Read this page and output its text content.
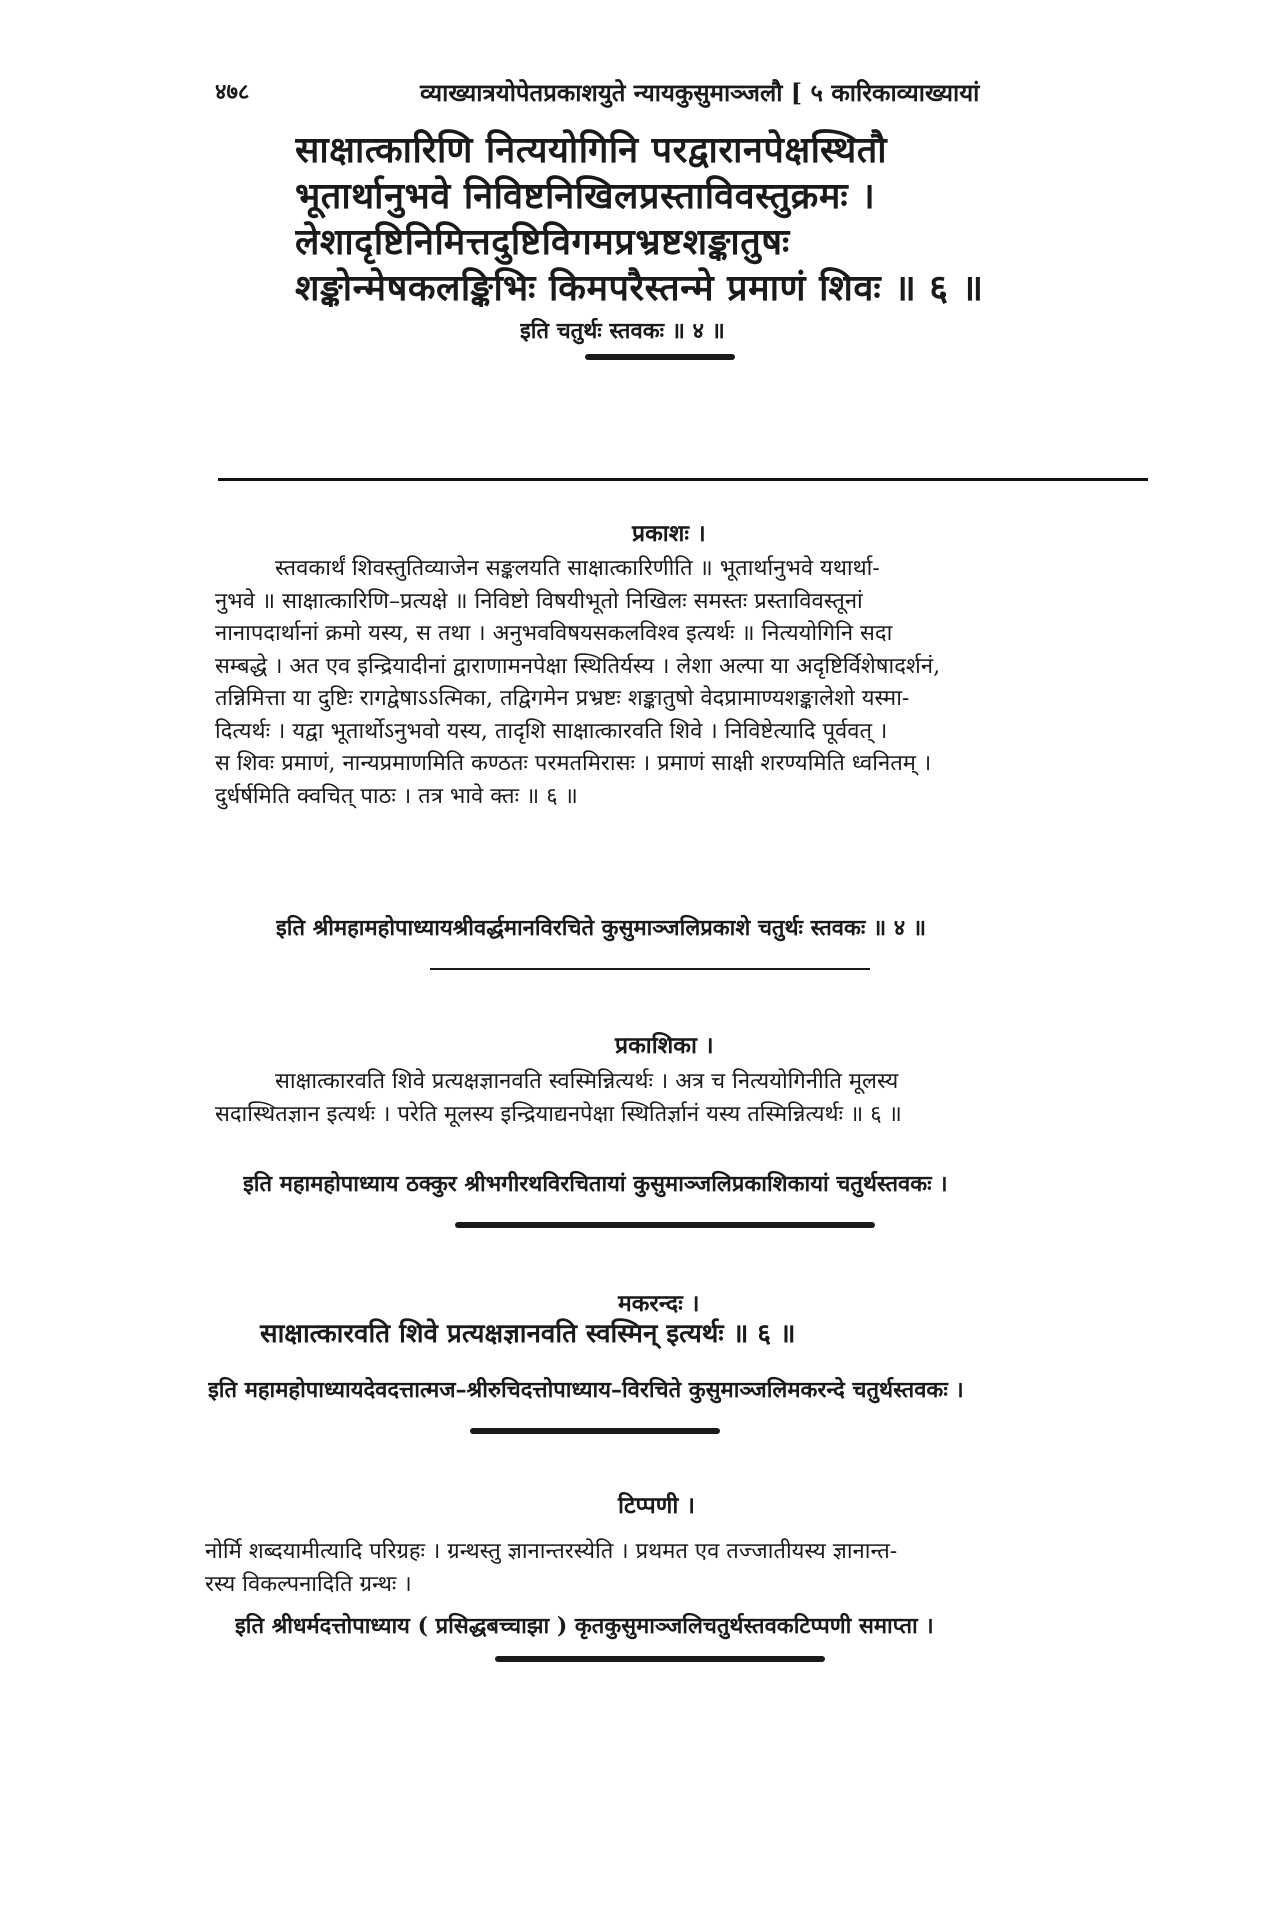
४७८	व्याख्यात्रयोपेतप्रकाशयुते न्यायकुसुमाञ्जलौ [ ५ कारिकाव्याख्यायां
साक्षात्कारिणि नित्ययोगिनि परद्वारानपेक्षस्थितौ
भूतार्थानुभवे निविष्टनिखिलप्रस्ताविवस्तुक्रमः ।
लेशादृष्टिनिमित्तदुष्टिविगमप्रभ्रष्टशङ्कातुषः
शङ्कोन्मेषकलङ्किभिः किमपरैस्तन्मे प्रमाणं शिवः ॥ ६ ॥
इति चतुर्थः स्तवकः ॥ ४ ॥
प्रकाशः ।
स्तवकार्थं शिवस्तुतिव्याजेन सङ्कलयति साक्षात्कारिणीति ॥ भूतार्थानुभवे यथार्था-
नुभवे ॥ साक्षात्कारिणि–प्रत्यक्षे ॥ निविष्टो विषयीभूतो निखिलः समस्तः प्रस्ताविवस्तूनां
नानापदार्थानां क्रमो यस्य, स तथा । अनुभवविषयसकलविश्व इत्यर्थः ॥ नित्ययोगिनि सदा
सम्बद्धे । अत एव इन्द्रियादीनां द्वाराणामनपेक्षा स्थितिर्यस्य । लेशा अल्पा या अदृष्टिर्विशेषादर्शनं,
तन्निमित्ता या दुष्टिः रागद्वेषाऽऽत्मिका, तद्विगमेन प्रभ्रष्टः शङ्कातुषो वेदप्रामाण्यशङ्कालेशो यस्मा-
दित्यर्थः । यद्वा भूतार्थोऽनुभवो यस्य, तादृशि साक्षात्कारवति शिवे । निविष्टेत्यादि पूर्ववत् ।
स शिवः प्रमाणं, नान्यप्रमाणमिति कण्ठतः परमतमिरासः । प्रमाणं साक्षी शरण्यमिति ध्वनितम् ।
दुर्धर्षमिति क्वचित् पाठः । तत्र भावे क्तः ॥ ६ ॥
इति श्रीमहामहोपाध्यायश्रीवर्द्धमानविरचिते कुसुमाञ्जलिप्रकाशे चतुर्थः स्तवकः ॥ ४ ॥
प्रकाशिका ।
साक्षात्कारवति शिवे प्रत्यक्षज्ञानवति स्वस्मिन्नित्यर्थः । अत्र च नित्ययोगिनीति मूलस्य
सदास्थितज्ञान इत्यर्थः । परेति मूलस्य इन्द्रियाद्यनपेक्षा स्थितिर्ज्ञानं यस्य तस्मिन्नित्यर्थः ॥ ६ ॥
इति महामहोपाध्याय ठक्कुर श्रीभगीरथविरचितायां कुसुमाञ्जलिप्रकाशिकायां चतुर्थस्तवकः ।
मकरन्दः ।
साक्षात्कारवति शिवे प्रत्यक्षज्ञानवति स्वस्मिन् इत्यर्थः ॥ ६ ॥
इति महामहोपाध्यायदेवदत्तात्मज–श्रीरुचिदत्तोपाध्याय–विरचिते कुसुमाञ्जलिमकरन्दे चतुर्थस्तवकः ।
टिप्पणी ।
नोर्मि शब्दयामीत्यादि परिग्रहः । ग्रन्थस्तु ज्ञानान्तरस्येति । प्रथमत एव तज्जातीयस्य ज्ञानान्त-
रस्य विकल्पनादिति ग्रन्थः ।
इति श्रीधर्मदत्तोपाध्याय ( प्रसिद्धबच्चाझा ) कृतकुसुमाञ्जलिचतुर्थस्तवकटिप्पणी समाप्ता ।
